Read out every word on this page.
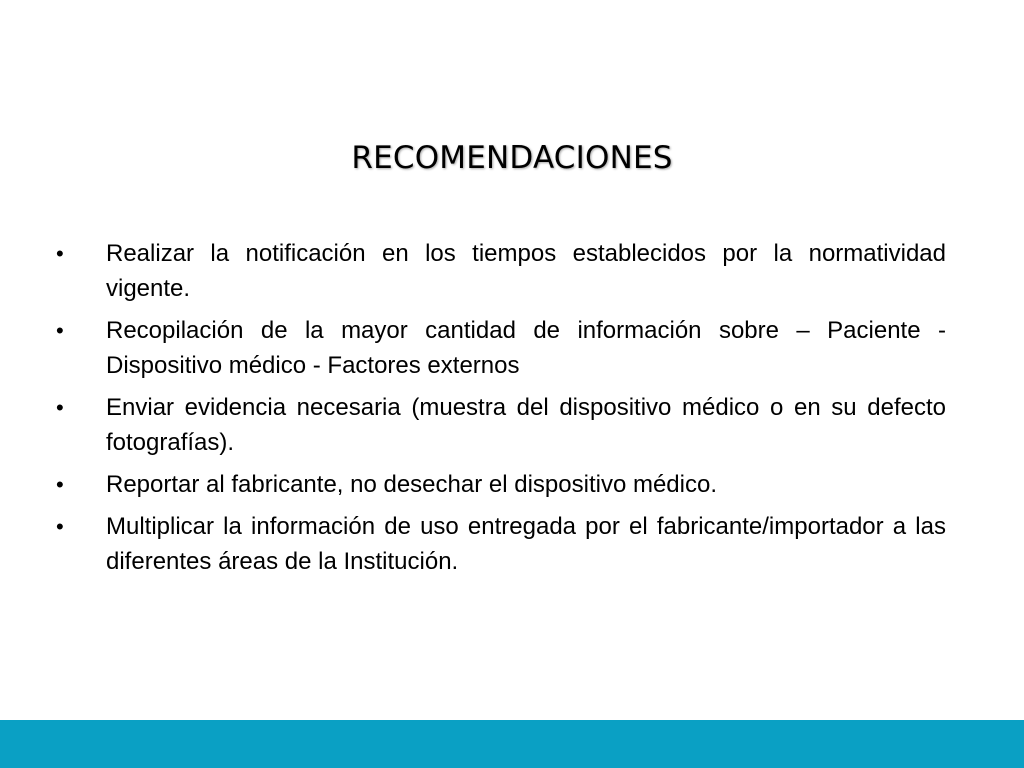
RECOMENDACIONES
• Realizar la notificación en los tiempos establecidos por la normatividad vigente.
• Recopilación de la mayor cantidad de información sobre – Paciente - Dispositivo médico - Factores externos
• Enviar evidencia necesaria (muestra del dispositivo médico o en su defecto fotografías).
• Reportar al fabricante, no desechar el dispositivo médico.
• Multiplicar la información de uso entregada por el fabricante/importador a las diferentes áreas de la Institución.
